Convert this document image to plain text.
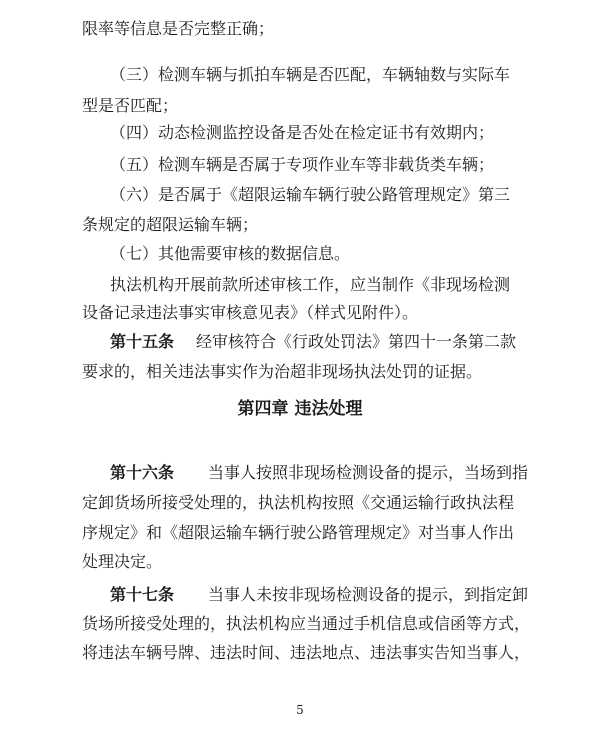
限率等信息是否完整正确；
（三）检测车辆与抓拍车辆是否匹配，车辆轴数与实际车
型是否匹配；
（四）动态检测监控设备是否处在检定证书有效期内；
（五）检测车辆是否属于专项作业车等非载货类车辆；
（六）是否属于《超限运输车辆行驶公路管理规定》第三
条规定的超限运输车辆；
（七）其他需要审核的数据信息。
执法机构开展前款所述审核工作，应当制作《非现场检测
设备记录违法事实审核意见表》（样式见附件）。
第十五条 经审核符合《行政处罚法》第四十一条第二款
要求的，相关违法事实作为治超非现场执法处罚的证据。
第四章 违法处理
第十六条 当事人按照非现场检测设备的提示，当场到指
定卸货场所接受处理的，执法机构按照《交通运输行政执法程
序规定》和《超限运输车辆行驶公路管理规定》对当事人作出
处理决定。
第十七条 当事人未按非现场检测设备的提示，到指定卸
货场所接受处理的，执法机构应当通过手机信息或信函等方式，
将违法车辆号牌、违法时间、违法地点、违法事实告知当事人，
5
